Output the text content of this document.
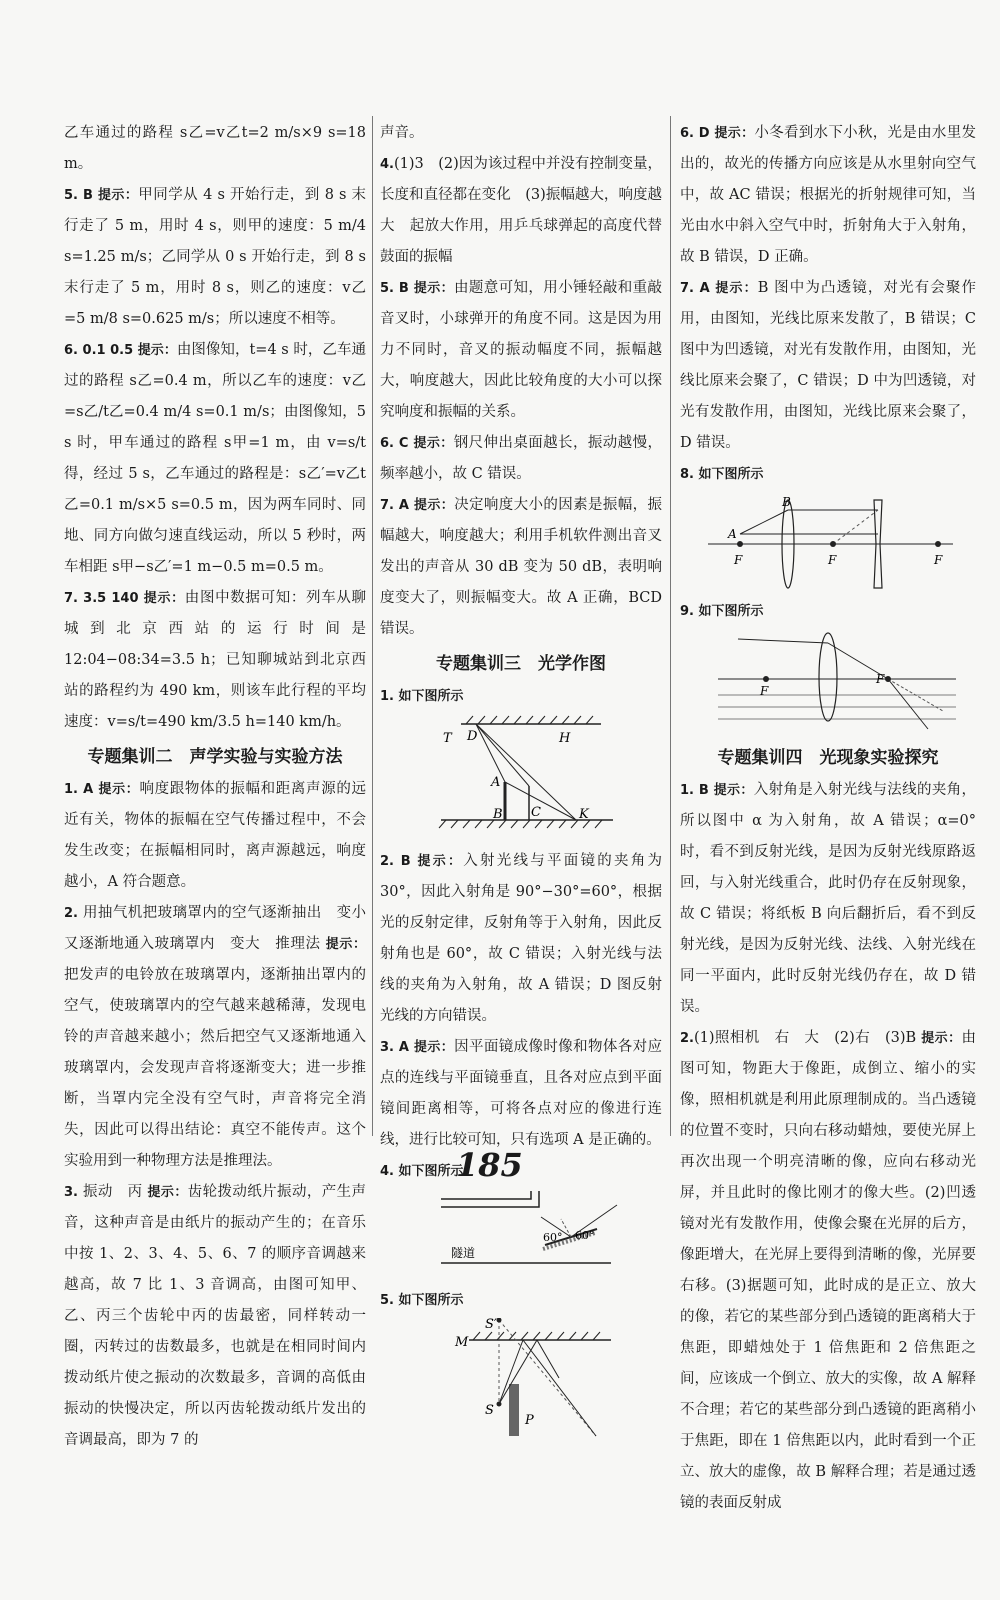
乙车通过的路程 s乙=v乙t=2 m/s×9 s=18 m。

5. B 提示：甲同学从 4 s 开始行走，到 8 s 末行走了 5 m，用时 4 s，则甲的速度：5 m/4 s=1.25 m/s；乙同学从 0 s 开始行走，到 8 s 末行走了 5 m，用时 8 s，则乙的速度：v乙=5 m/8 s=0.625 m/s；所以速度不相等。

6. 0.1 0.5 提示：由图像知，t=4 s 时，乙车通过的路程 s乙=0.4 m，所以乙车的速度：v乙=s乙/t乙=0.4 m/4 s=0.1 m/s；由图像知，5 s 时，甲车通过的路程 s甲=1 m，由 v=s/t 得，经过 5 s，乙车通过的路程是：s乙′=v乙t乙=0.1 m/s×5 s=0.5 m，因为两车同时、同地、同方向做匀速直线运动，所以 5 秒时，两车相距 s甲−s乙′=1 m−0.5 m=0.5 m。

7. 3.5 140 提示：由图中数据可知：列车从聊城到北京西站的运行时间是 12:04−08:34=3.5 h；已知聊城站到北京西站的路程约为 490 km，则该车此行程的平均速度：v=s/t=490 km/3.5 h=140 km/h。

专题集训二　声学实验与实验方法

1. A 提示：响度跟物体的振幅和距离声源的远近有关，物体的振幅在空气传播过程中，不会发生改变；在振幅相同时，离声源越远，响度越小，A 符合题意。

2. 用抽气机把玻璃罩内的空气逐渐抽出　变小　又逐渐地通入玻璃罩内　变大　推理法 提示：把发声的电铃放在玻璃罩内，逐渐抽出罩内的空气，使玻璃罩内的空气越来越稀薄，发现电铃的声音越来越小；然后把空气又逐渐地通入玻璃罩内，会发现声音将逐渐变大；进一步推断，当罩内完全没有空气时，声音将完全消失，因此可以得出结论：真空不能传声。这个实验用到一种物理方法是推理法。

3. 振动　丙 提示：齿轮拨动纸片振动，产生声音，这种声音是由纸片的振动产生的；在音乐中按 1、2、3、4、5、6、7 的顺序音调越来越高，故 7 比 1、3 音调高，由图可知甲、乙、丙三个齿轮中丙的齿最密，同样转动一圈，丙转过的齿数最多，也就是在相同时间内拨动纸片使之振动的次数最多，音调的高低由振动的快慢决定，所以丙齿轮拨动纸片发出的音调最高，即为 7 的

声音。

4.(1)3　(2)因为该过程中并没有控制变量，长度和直径都在变化　(3)振幅越大，响度越大　起放大作用，用乒乓球弹起的高度代替鼓面的振幅

5. B 提示：由题意可知，用小锤轻敲和重敲音叉时，小球弹开的角度不同。这是因为用力不同时，音叉的振动幅度不同，振幅越大，响度越大，因此比较角度的大小可以探究响度和振幅的关系。

6. C 提示：钢尺伸出桌面越长，振动越慢，频率越小，故 C 错误。

7. A 提示：决定响度大小的因素是振幅，振幅越大，响度越大；利用手机软件测出音叉发出的声音从 30 dB 变为 50 dB，表明响度变大了，则振幅变大。故 A 正确，BCD 错误。

专题集训三　光学作图

1. 如下图所示

T D	H
A
B C	K

2. B 提示：入射光线与平面镜的夹角为 30°，因此入射角是 90°−30°=60°，根据光的反射定律，反射角等于入射角，因此反射角也是 60°，故 C 错误；入射光线与法线的夹角为入射角，故 A 错误；D 图反射光线的方向错误。

3. A 提示：因平面镜成像时像和物体各对应点的连线与平面镜垂直，且各对应点到平面镜间距离相等，可将各点对应的像进行连线，进行比较可知，只有选项 A 是正确的。

4. 如下图所示

60° 60°
隧道

5. 如下图所示

S′
M
S
P

6. D 提示：小冬看到水下小秋，光是由水里发出的，故光的传播方向应该是从水里射向空气中，故 AC 错误；根据光的折射规律可知，当光由水中斜入空气中时，折射角大于入射角，故 B 错误，D 正确。

7. A 提示：B 图中为凸透镜，对光有会聚作用，由图知，光线比原来发散了，B 错误；C 图中为凹透镜，对光有发散作用，由图知，光线比原来会聚了，C 错误；D 中为凹透镜，对光有发散作用，由图知，光线比原来会聚了，D 错误。

8. 如下图所示

A
B
F	F	F

9. 如下图所示

F
F
专题集训四　光现象实验探究

1. B 提示：入射角是入射光线与法线的夹角，所以图中 α 为入射角，故 A 错误；α=0° 时，看不到反射光线，是因为反射光线原路返回，与入射光线重合，此时仍存在反射现象，故 C 错误；将纸板 B 向后翻折后，看不到反射光线，是因为反射光线、法线、入射光线在同一平面内，此时反射光线仍存在，故 D 错误。

2.(1)照相机　右　大　(2)右　(3)B 提示：由图可知，物距大于像距，成倒立、缩小的实像，照相机就是利用此原理制成的。当凸透镜的位置不变时，只向右移动蜡烛，要使光屏上再次出现一个明亮清晰的像，应向右移动光屏，并且此时的像比刚才的像大些。(2)凹透镜对光有发散作用，使像会聚在光屏的后方，像距增大，在光屏上要得到清晰的像，光屏要右移。(3)据题可知，此时成的是正立、放大的像，若它的某些部分到凸透镜的距离稍大于焦距，即蜡烛处于 1 倍焦距和 2 倍焦距之间，应该成一个倒立、放大的实像，故 A 解释不合理；若它的某些部分到凸透镜的距离稍小于焦距，即在 1 倍焦距以内，此时看到一个正立、放大的虚像，故 B 解释合理；若是通过透镜的表面反射成

185
